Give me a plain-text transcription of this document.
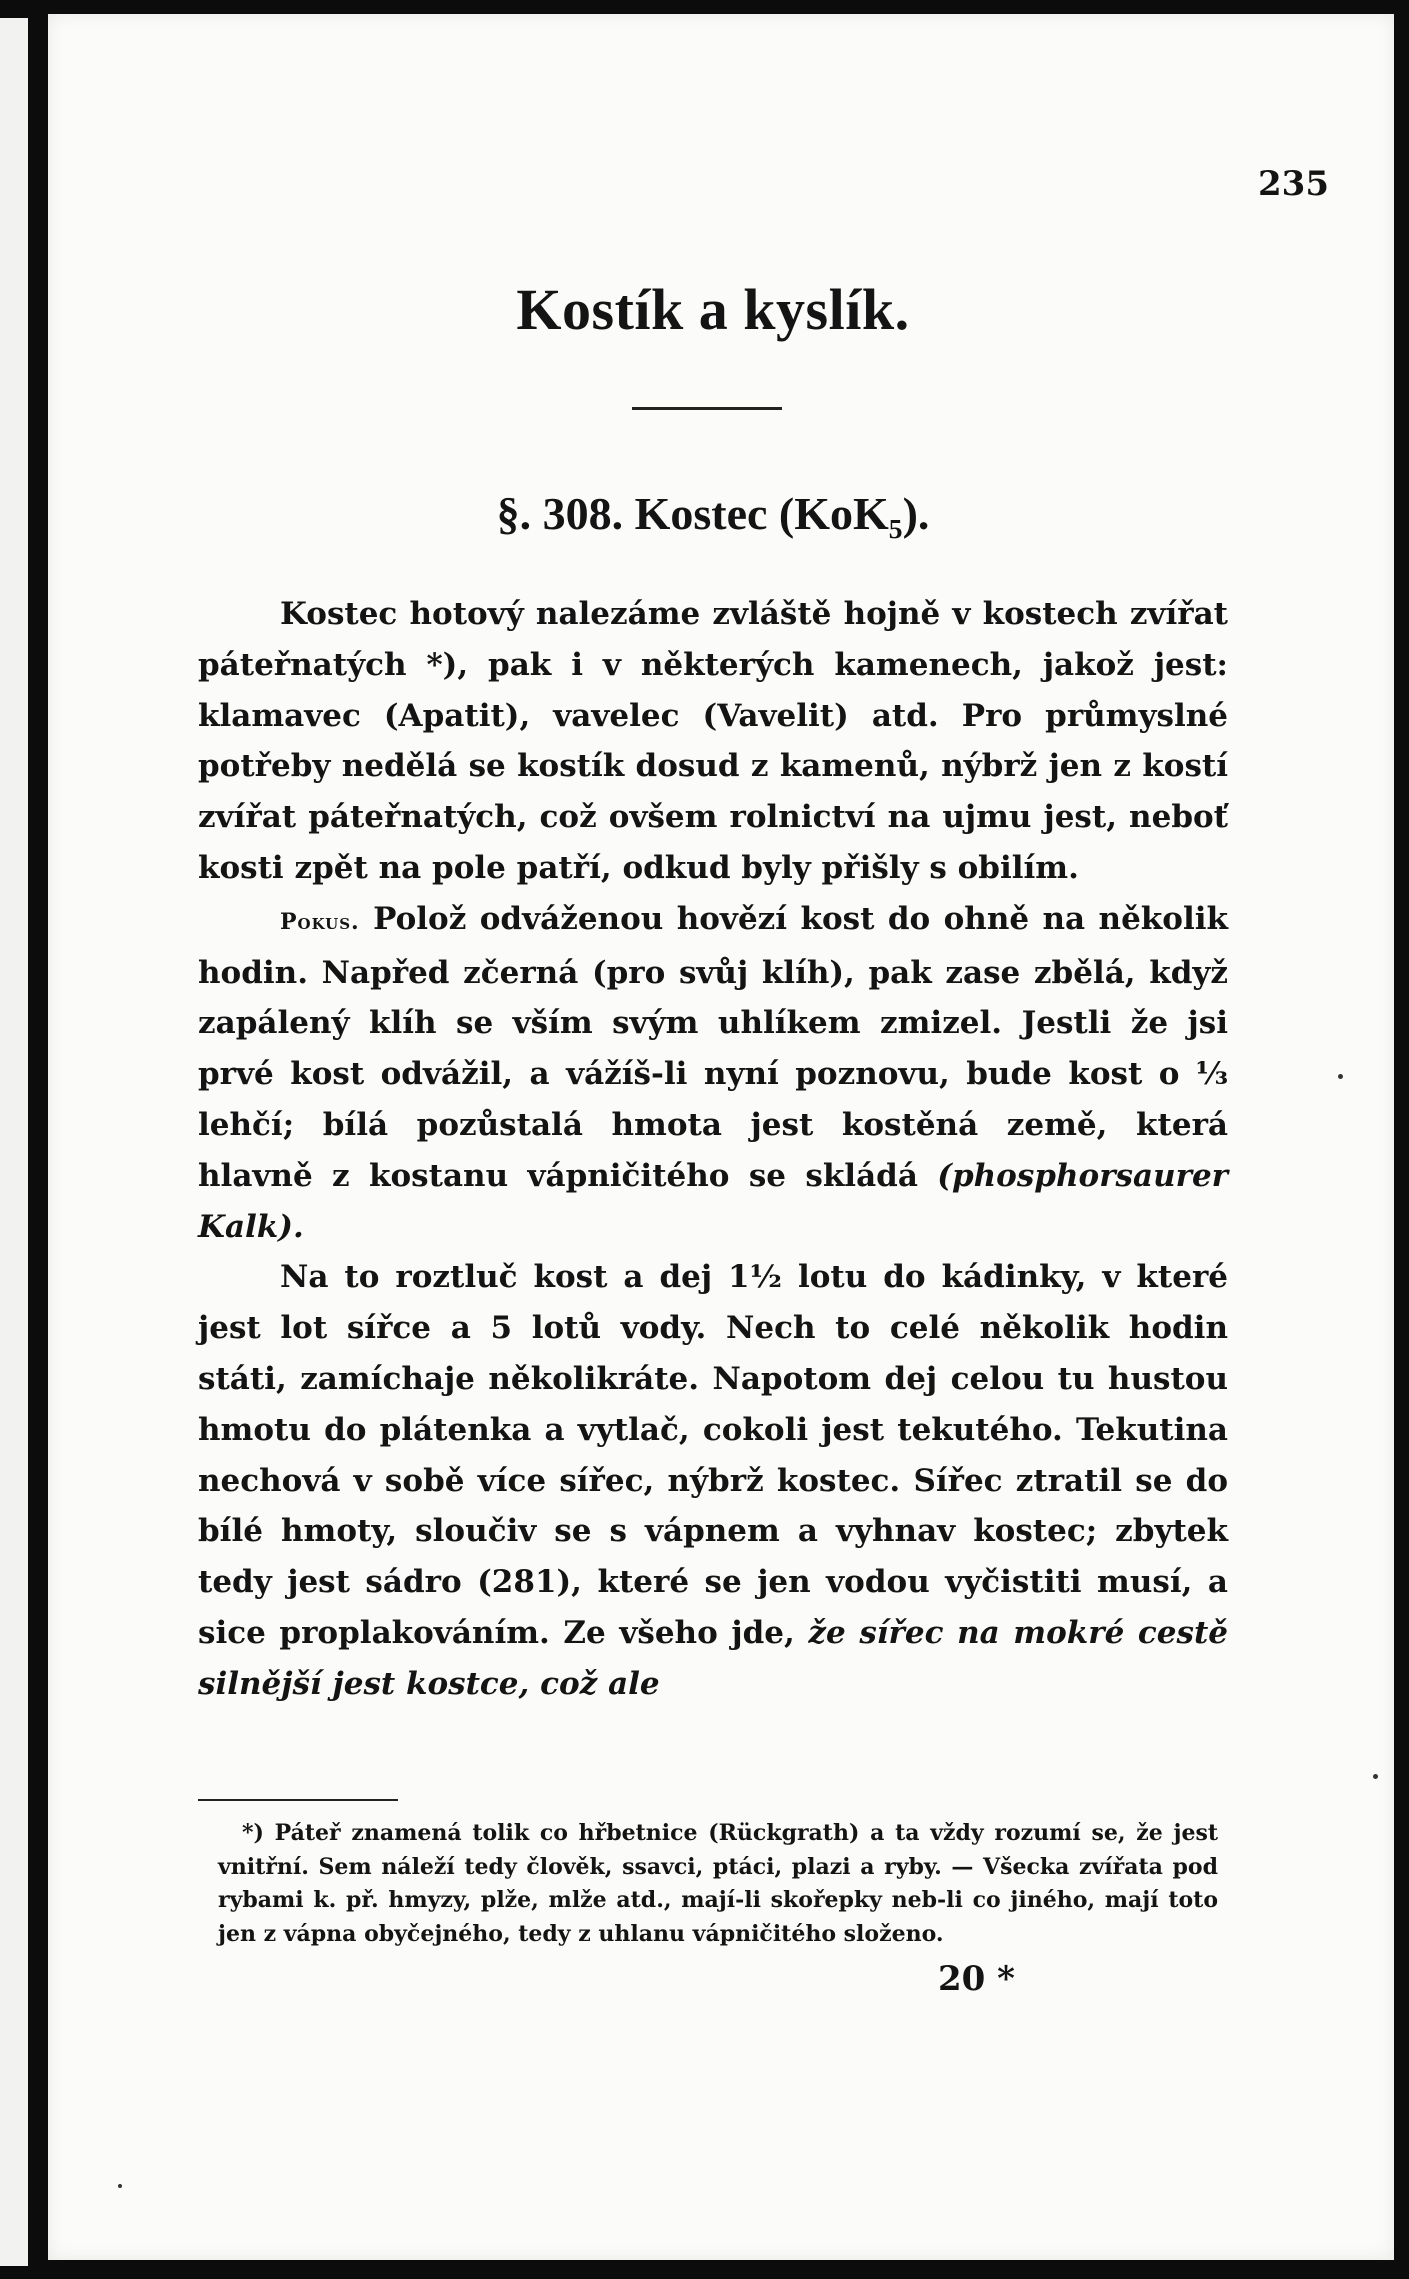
235
Kostík a kyslík.
§. 308. Kostec (KoK₅).

Kostec hotový nalezáme zvláště hojně v kostech zvířat páteřnatých *), pak i v některých kamenech, jakož jest: klamavec (Apatit), vavelec (Vavelit) atd. Pro průmyslné potřeby nedělá se kostík dosud z kamenů, nýbrž jen z kostí zvířat páteřnatých, což ovšem rolnictví na ujmu jest, neboť kosti zpět na pole patří, odkud byly přišly s obilím.

Pokus. Polož odváženou hovězí kost do ohně na několik hodin. Napřed zčerná (pro svůj klíh), pak zase zbělá, když zapálený klíh se vším svým uhlíkem zmizel. Jestli že jsi prvé kost odvážil, a vážíš-li nyní poznovu, bude kost o ⅓ lehčí; bílá pozůstalá hmota jest kostěná země, která hlavně z kostanu vápničitého se skládá (phosphorsaurer Kalk).

Na to roztluč kost a dej 1½ lotu do kádinky, v které jest lot sířce a 5 lotů vody. Nech to celé několik hodin státi, zamíchaje několikráte. Napotom dej celou tu hustou hmotu do plátenka a vytlač, cokoli jest tekutého. Tekutina nechová v sobě více sířec, nýbrž kostec. Sířec ztratil se do bílé hmoty, sloučiv se s vápnem a vyhnav kostec; zbytek tedy jest sádro (281), které se jen vodou vyčistiti musí, a sice proplakováním. Ze všeho jde, že sířec na mokré cestě silnější jest kostce, což ale

*) Páteř znamená tolik co hřbetnice (Rückgrath) a ta vždy rozumí se, že jest vnitřní. Sem náleží tedy člověk, ssavci, ptáci, plazi a ryby. — Všecka zvířata pod rybami k. př. hmyzy, plže, mlže atd., mají-li skořepky neb-li co jiného, mají toto jen z vápna obyčejného, tedy z uhlanu vápničitého složeno.
20 *
